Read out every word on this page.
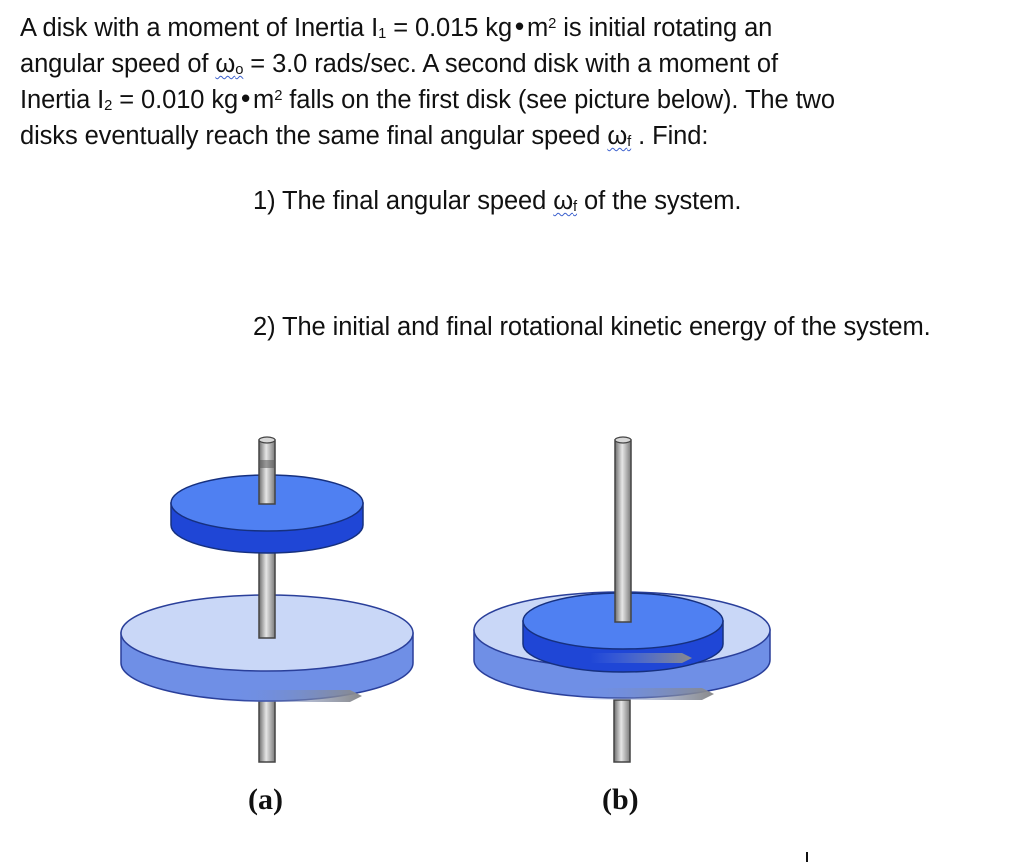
A disk with a moment of Inertia $I_1 = 0.015$ $kg•m^2$ is initial rotating an

angular speed of $\omega_o = 3.0$ rads/sec. A second disk with a moment of

Inertia $I_2 = 0.010$ $kg•m^2$ falls on the first disk (see picture below). The two

disks eventually reach the same final angular speed $\omega_f$ . Find:

1) The final angular speed $\omega_f$ of the system.
2) The initial and final rotational kinetic energy of the system.
(a)	(b)
